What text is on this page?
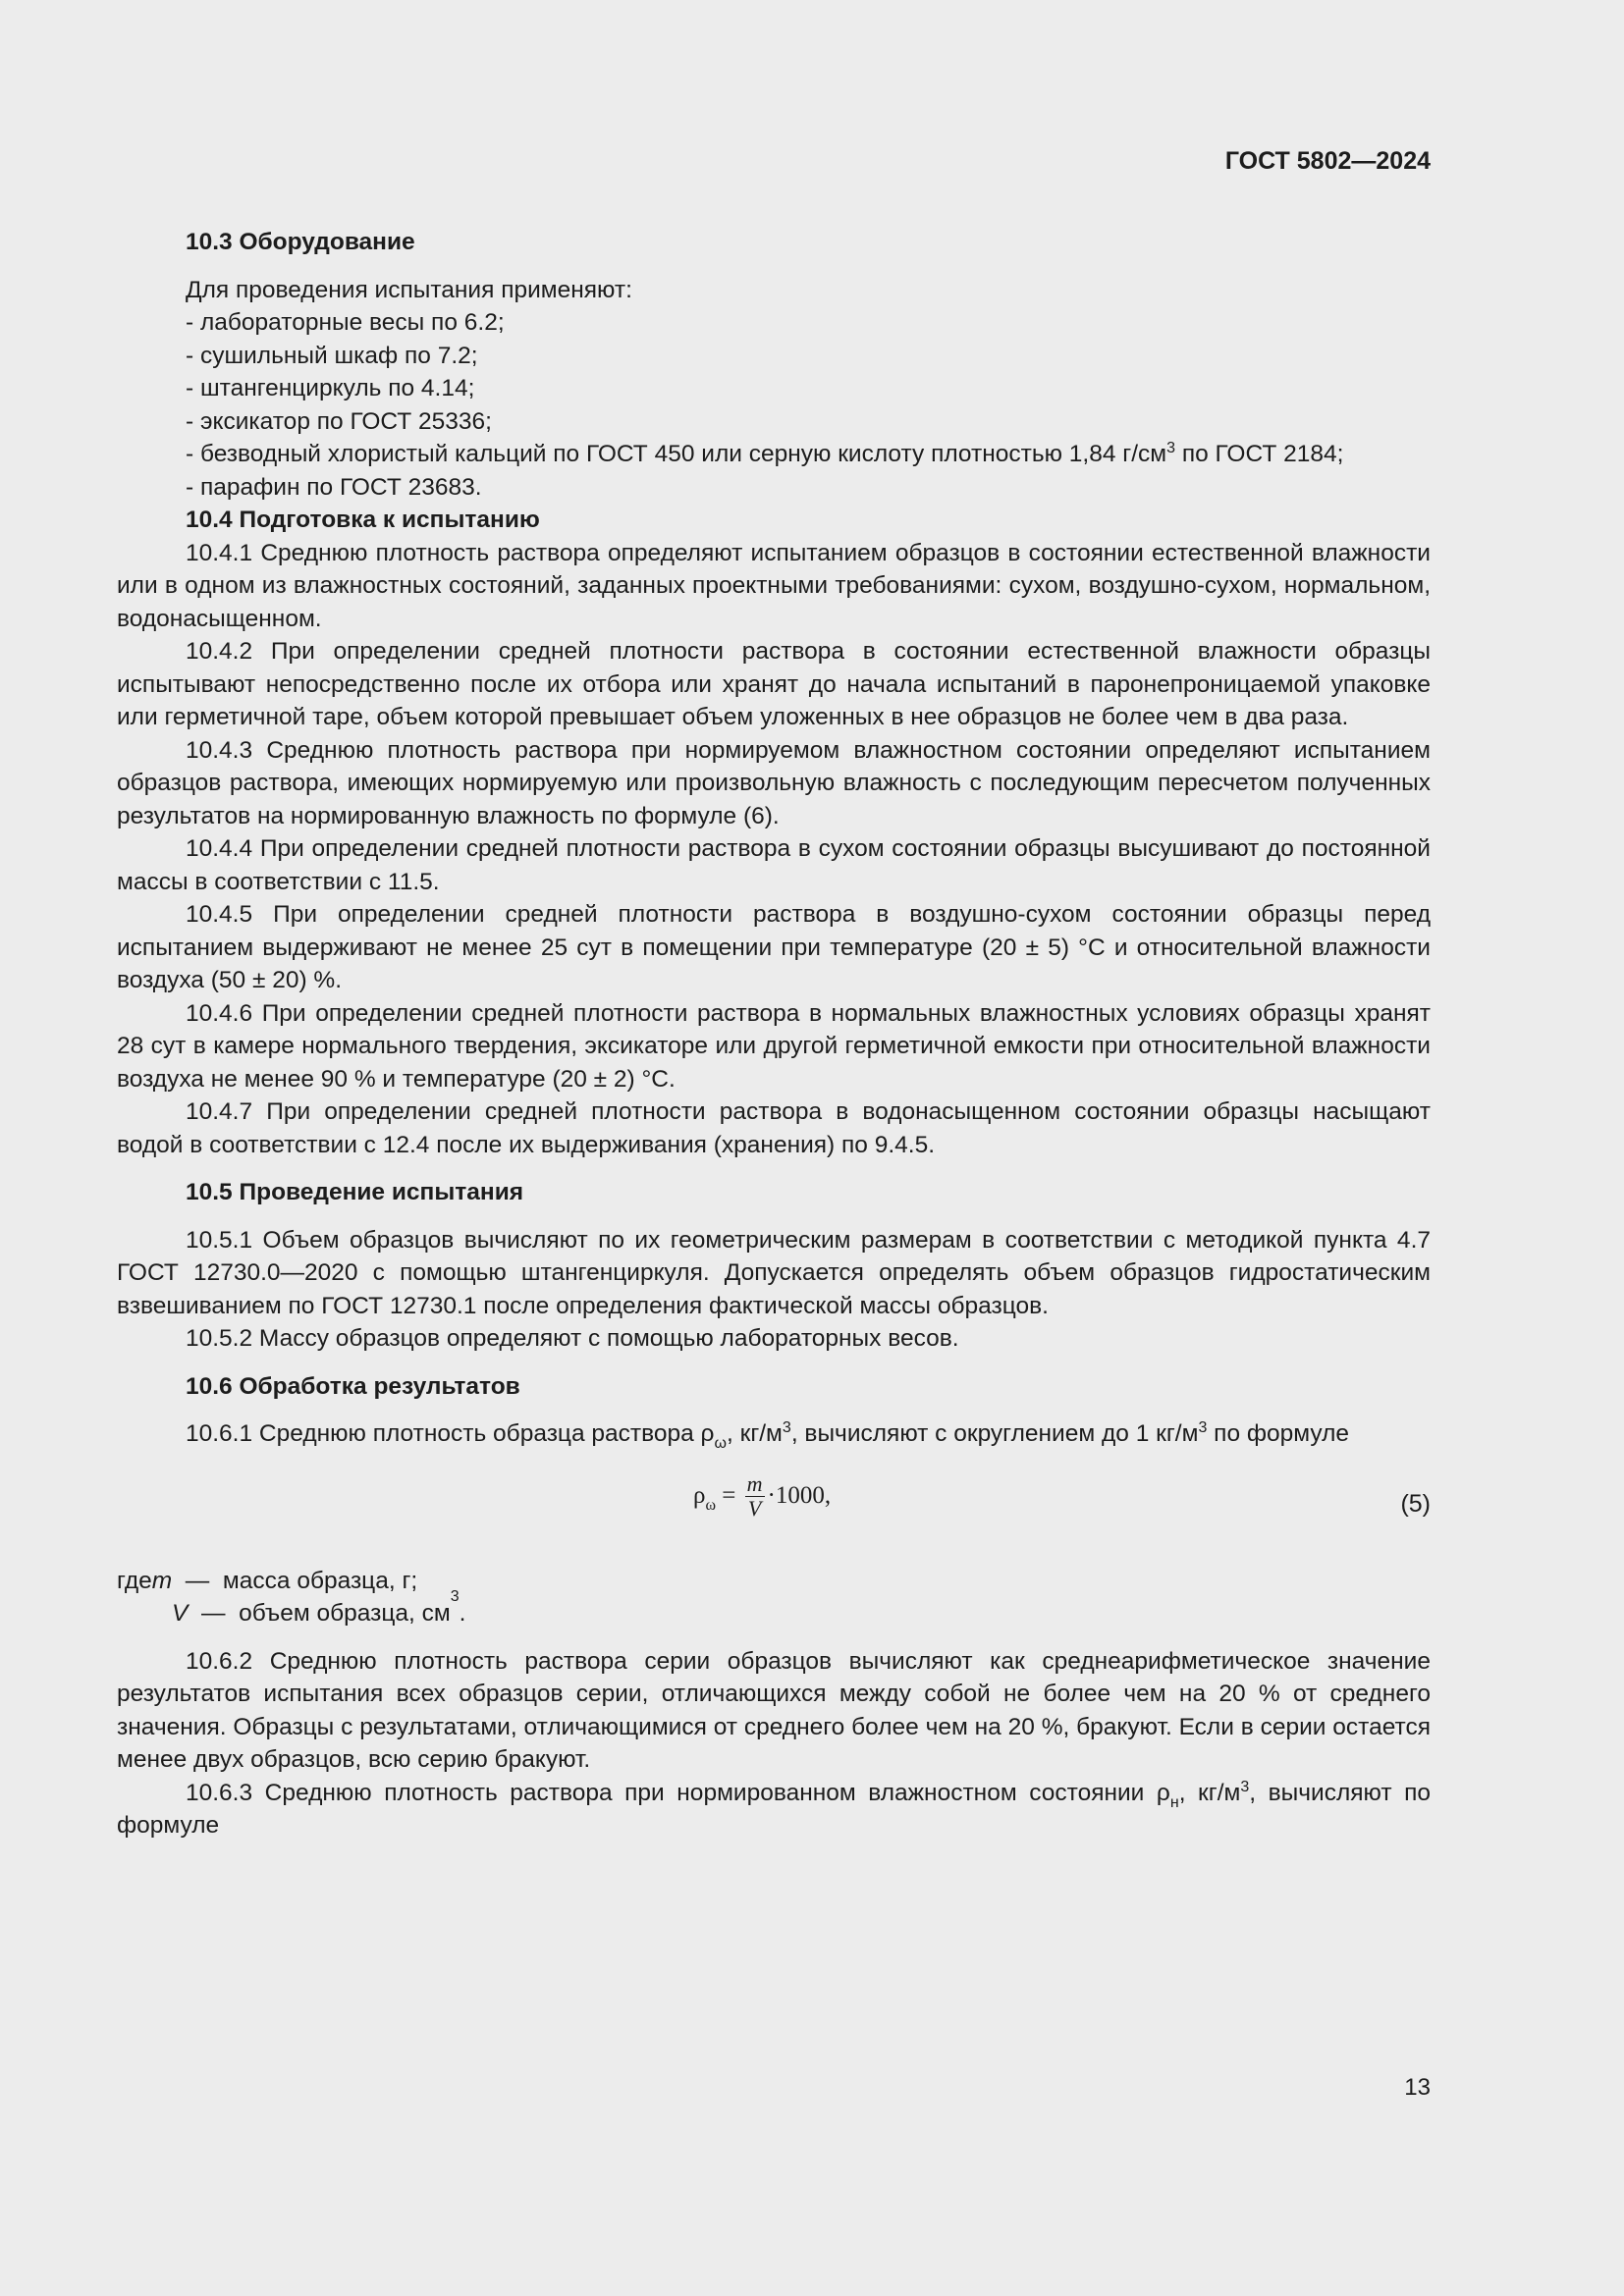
ГОСТ 5802—2024

10.3 Оборудование

Для проведения испытания применяют:

- лабораторные весы по 6.2;

- сушильный шкаф по 7.2;

- штангенциркуль по 4.14;

- эксикатор по ГОСТ 25336;

- безводный хлористый кальций по ГОСТ 450 или серную кислоту плотностью 1,84 $г/см^3$ по ГОСТ 2184;

- парафин по ГОСТ 23683.

10.4 Подготовка к испытанию

10.4.1 Среднюю плотность раствора определяют испытанием образцов в состоянии естественной влажности или в одном из влажностных состояний, заданных проектными требованиями: сухом, воздушно-сухом, нормальном, водонасыщенном.

10.4.2 При определении средней плотности раствора в состоянии естественной влажности образцы испытывают непосредственно после их отбора или хранят до начала испытаний в паронепроницаемой упаковке или герметичной таре, объем которой превышает объем уложенных в нее образцов не более чем в два раза.

10.4.3 Среднюю плотность раствора при нормируемом влажностном состоянии определяют испытанием образцов раствора, имеющих нормируемую или произвольную влажность с последующим пересчетом полученных результатов на нормированную влажность по формуле (6).

10.4.4 При определении средней плотности раствора в сухом состоянии образцы высушивают до постоянной массы в соответствии с 11.5.

10.4.5 При определении средней плотности раствора в воздушно-сухом состоянии образцы перед испытанием выдерживают не менее 25 сут в помещении при температуре (20 ± 5) °С и относительной влажности воздуха (50 ± 20) %.

10.4.6 При определении средней плотности раствора в нормальных влажностных условиях образцы хранят 28 сут в камере нормального твердения, эксикаторе или другой герметичной емкости при относительной влажности воздуха не менее 90 % и температуре (20 ± 2) °С.

10.4.7 При определении средней плотности раствора в водонасыщенном состоянии образцы насыщают водой в соответствии с 12.4 после их выдерживания (хранения) по 9.4.5.

10.5 Проведение испытания

10.5.1 Объем образцов вычисляют по их геометрическим размерам в соответствии с методикой пункта 4.7 ГОСТ 12730.0—2020 с помощью штангенциркуля. Допускается определять объем образцов гидростатическим взвешиванием по ГОСТ 12730.1 после определения фактической массы образцов.

10.5.2 Массу образцов определяют с помощью лабораторных весов.

10.6 Обработка результатов

10.6.1 Среднюю плотность образца раствора $\rho_\omega$, $кг/м^3$, вычисляют с округлением до 1 $кг/м^3$ по формуле

$\rho_\omega = \frac{m}{V} \cdot 1000$,	(5)
где m —  масса образца, г;
V —  объем образца, см
3
.

10.6.2 Среднюю плотность раствора серии образцов вычисляют как среднеарифметическое значение результатов испытания всех образцов серии, отличающихся между собой не более чем на 20 % от среднего значения. Образцы с результатами, отличающимися от среднего более чем на 20 %, бракуют. Если в серии остается менее двух образцов, всю серию бракуют.

10.6.3 Среднюю плотность раствора при нормированном влажностном состоянии $\rho_н$, $кг/м^3$, вычисляют по формуле

13
